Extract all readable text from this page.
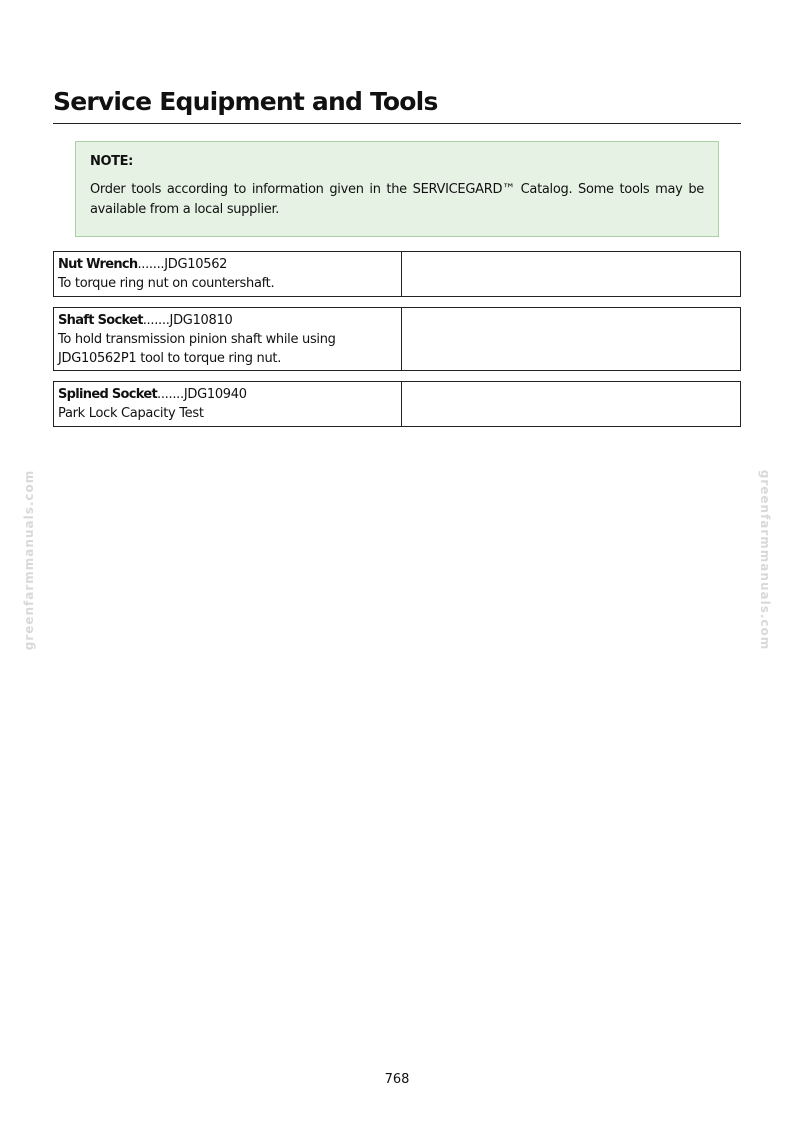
Service Equipment and Tools
NOTE:
Order tools according to information given in the SERVICEGARD™ Catalog. Some tools may be available from a local supplier.
Nut Wrench.......JDG10562
To torque ring nut on countershaft.
Shaft Socket.......JDG10810
To hold transmission pinion shaft while using JDG10562P1 tool to torque ring nut.
Splined Socket.......JDG10940
Park Lock Capacity Test
greenfarmmanuals.com	greenfarmmanuals.com
768
